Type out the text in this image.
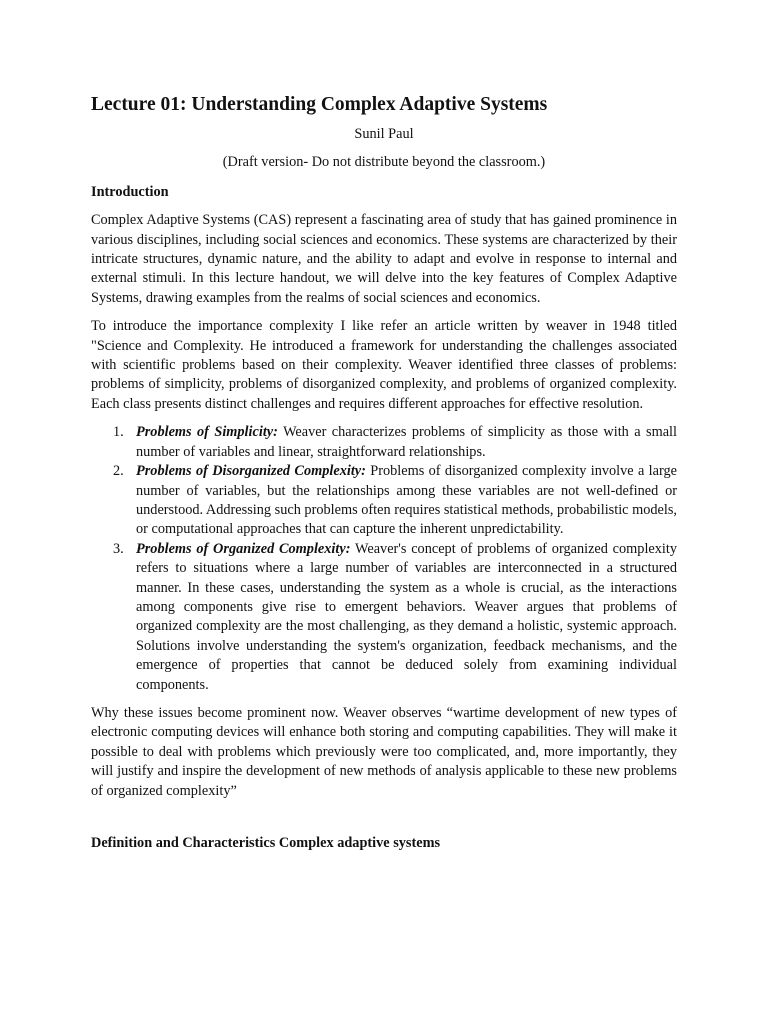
Lecture 01: Understanding Complex Adaptive Systems

Sunil Paul

(Draft version- Do not distribute beyond the classroom.)

Introduction

Complex Adaptive Systems (CAS) represent a fascinating area of study that has gained prominence in various disciplines, including social sciences and economics. These systems are characterized by their intricate structures, dynamic nature, and the ability to adapt and evolve in response to internal and external stimuli. In this lecture handout, we will delve into the key features of Complex Adaptive Systems, drawing examples from the realms of social sciences and economics.

To introduce the importance complexity I like refer an article written by weaver in 1948 titled "Science and Complexity. He introduced a framework for understanding the challenges associated with scientific problems based on their complexity. Weaver identified three classes of problems: problems of simplicity, problems of disorganized complexity, and problems of organized complexity. Each class presents distinct challenges and requires different approaches for effective resolution.

1. Problems of Simplicity: Weaver characterizes problems of simplicity as those with a small number of variables and linear, straightforward relationships.
2. Problems of Disorganized Complexity: Problems of disorganized complexity involve a large number of variables, but the relationships among these variables are not well-defined or understood. Addressing such problems often requires statistical methods, probabilistic models, or computational approaches that can capture the inherent unpredictability.
3. Problems of Organized Complexity: Weaver's concept of problems of organized complexity refers to situations where a large number of variables are interconnected in a structured manner. In these cases, understanding the system as a whole is crucial, as the interactions among components give rise to emergent behaviors. Weaver argues that problems of organized complexity are the most challenging, as they demand a holistic, systemic approach. Solutions involve understanding the system's organization, feedback mechanisms, and the emergence of properties that cannot be deduced solely from examining individual components.

Why these issues become prominent now. Weaver observes “wartime development of new types of electronic computing devices will enhance both storing and computing capabilities. They will make it possible to deal with problems which previously were too complicated, and, more importantly, they will justify and inspire the development of new methods of analysis applicable to these new problems of organized complexity”

Definition and Characteristics Complex adaptive systems
